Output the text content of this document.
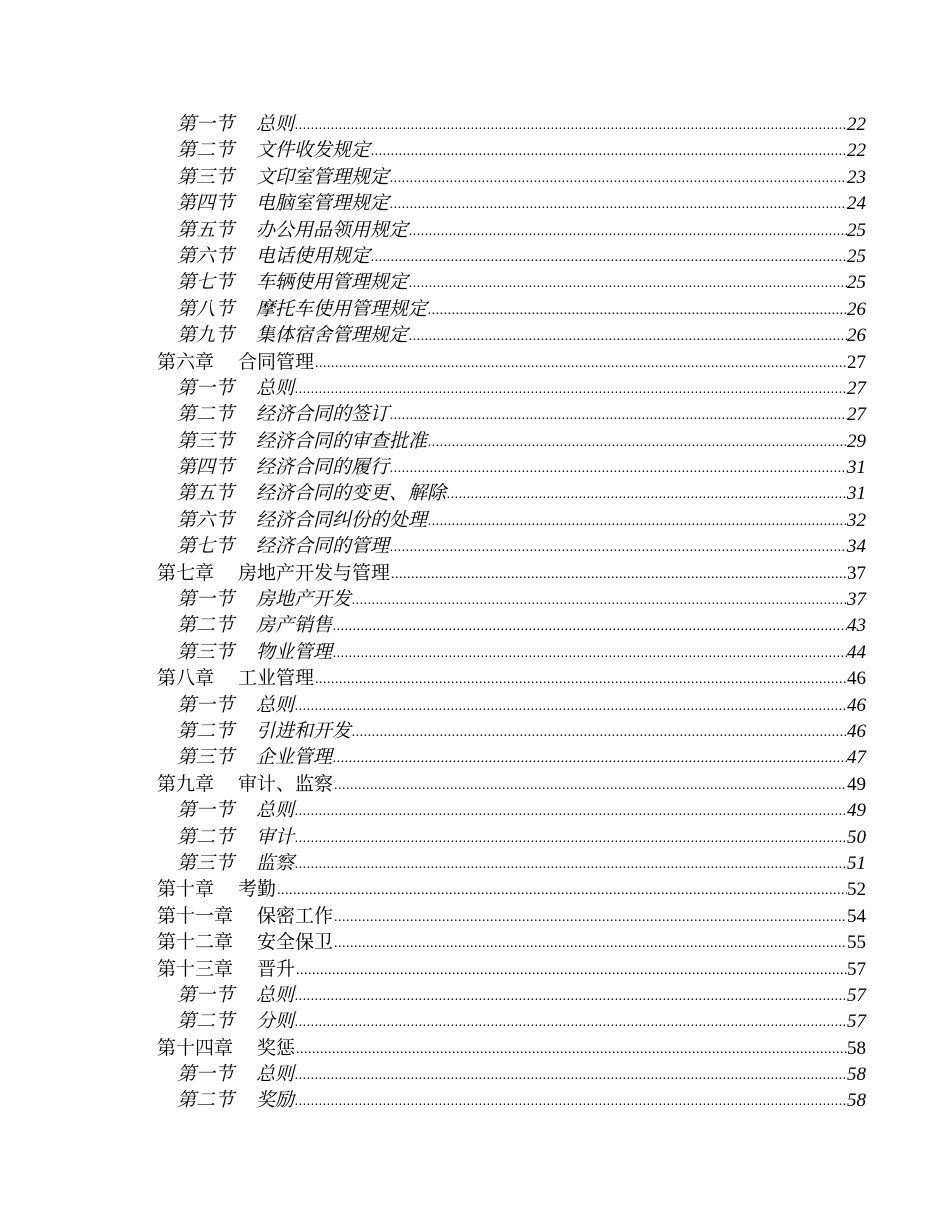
第一节 总则 .....	22
第二节 文件收发规定 .....	22
第三节 文印室管理规定 .....	23
第四节 电脑室管理规定 .....	24
第五节 办公用品领用规定 .....	25
第六节 电话使用规定 .....	25
第七节 车辆使用管理规定 .....	25
第八节 摩托车使用管理规定 .....	26
第九节 集体宿舍管理规定 .....	26
第六章 合同管理 .....	27
第一节 总则 .....	27
第二节 经济合同的签订 .....	27
第三节 经济合同的审查批准 .....	29
第四节 经济合同的履行 .....	31
第五节 经济合同的变更、解除 .....	31
第六节 经济合同纠份的处理 .....	32
第七节 经济合同的管理 .....	34
第七章 房地产开发与管理 .....	37
第一节 房地产开发 .....	37
第二节 房产销售 .....	43
第三节 物业管理 .....	44
第八章 工业管理 .....	46
第一节 总则 .....	46
第二节 引进和开发 .....	46
第三节 企业管理 .....	47
第九章 审计、监察 .....	49
第一节 总则 .....	49
第二节 审计 .....	50
第三节 监察 .....	51
第十章 考勤 .....	52
第十一章 保密工作 .....	54
第十二章 安全保卫 .....	55
第十三章 晋升 .....	57
第一节 总则 .....	57
第二节 分则 .....	57
第十四章 奖惩 .....	58
第一节 总则 .....	58
第二节 奖励 .....	58
